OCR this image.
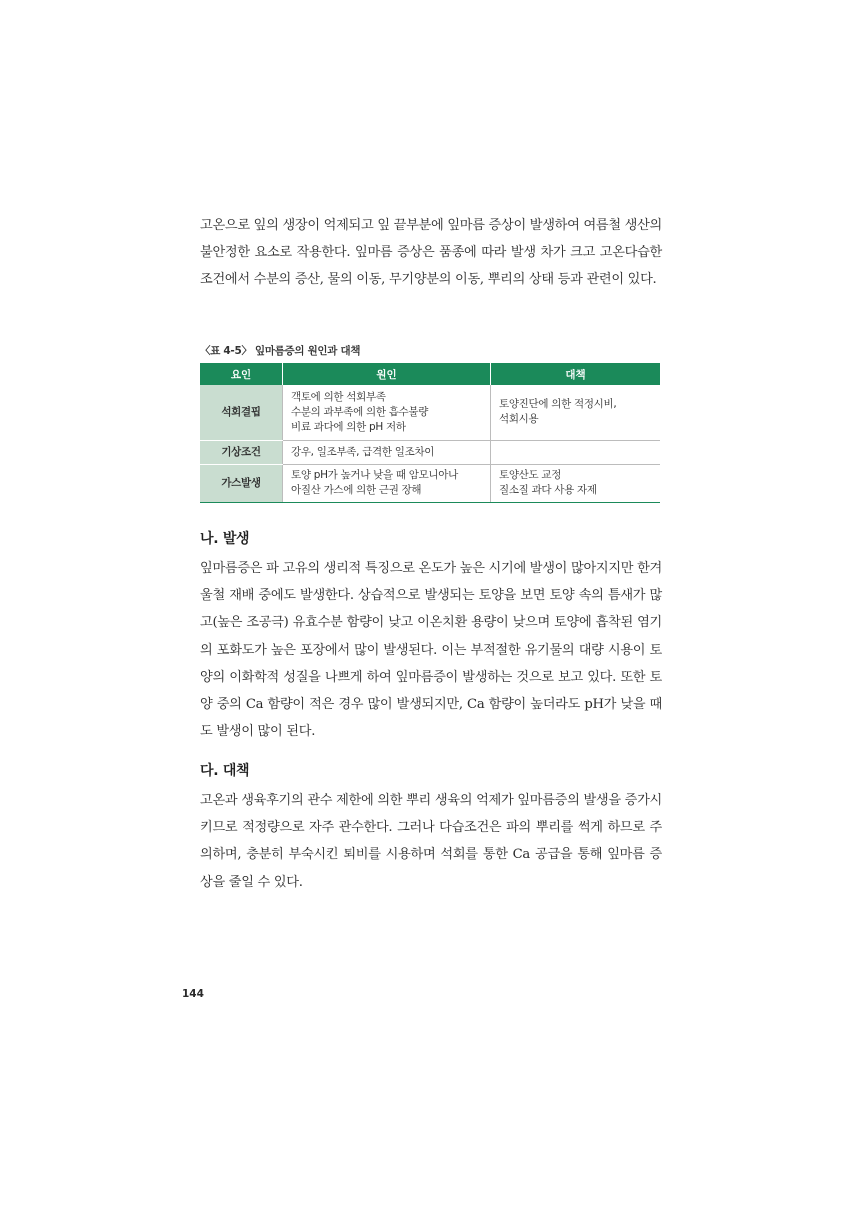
고온으로 잎의 생장이 억제되고 잎 끝부분에 잎마름 증상이 발생하여 여름철 생산의 불안정한 요소로 작용한다. 잎마름 증상은 품종에 따라 발생 차가 크고 고온다습한 조건에서 수분의 증산, 물의 이동, 무기양분의 이동, 뿌리의 상태 등과 관련이 있다.

〈표 4-5〉 잎마름증의 원인과 대책
요인	원인	대책
석회결핍	객토에 의한 석회부족
수분의 과부족에 의한 흡수불량
비료 과다에 의한 pH 저하	토양진단에 의한 적정시비,
석회시용

기상조건	강우, 일조부족, 급격한 일조차이	

가스발생	토양 pH가 높거나 낮을 때 암모니아나
아질산 가스에 의한 근권 장해	토양산도 교정
질소질 과다 사용 자제
나. 발생

잎마름증은 파 고유의 생리적 특징으로 온도가 높은 시기에 발생이 많아지지만 한겨울철 재배 중에도 발생한다. 상습적으로 발생되는 토양을 보면 토양 속의 틈새가 많고(높은 조공극) 유효수분 함량이 낮고 이온치환 용량이 낮으며 토양에 흡착된 염기의 포화도가 높은 포장에서 많이 발생된다. 이는 부적절한 유기물의 대량 시용이 토양의 이화학적 성질을 나쁘게 하여 잎마름증이 발생하는 것으로 보고 있다. 또한 토양 중의 Ca 함량이 적은 경우 많이 발생되지만, Ca 함량이 높더라도 pH가 낮을 때도 발생이 많이 된다.

다. 대책

고온과 생육후기의 관수 제한에 의한 뿌리 생육의 억제가 잎마름증의 발생을 증가시키므로 적정량으로 자주 관수한다. 그러나 다습조건은 파의 뿌리를 썩게 하므로 주의하며, 충분히 부숙시킨 퇴비를 시용하며 석회를 통한 Ca 공급을 통해 잎마름 증상을 줄일 수 있다.

144
